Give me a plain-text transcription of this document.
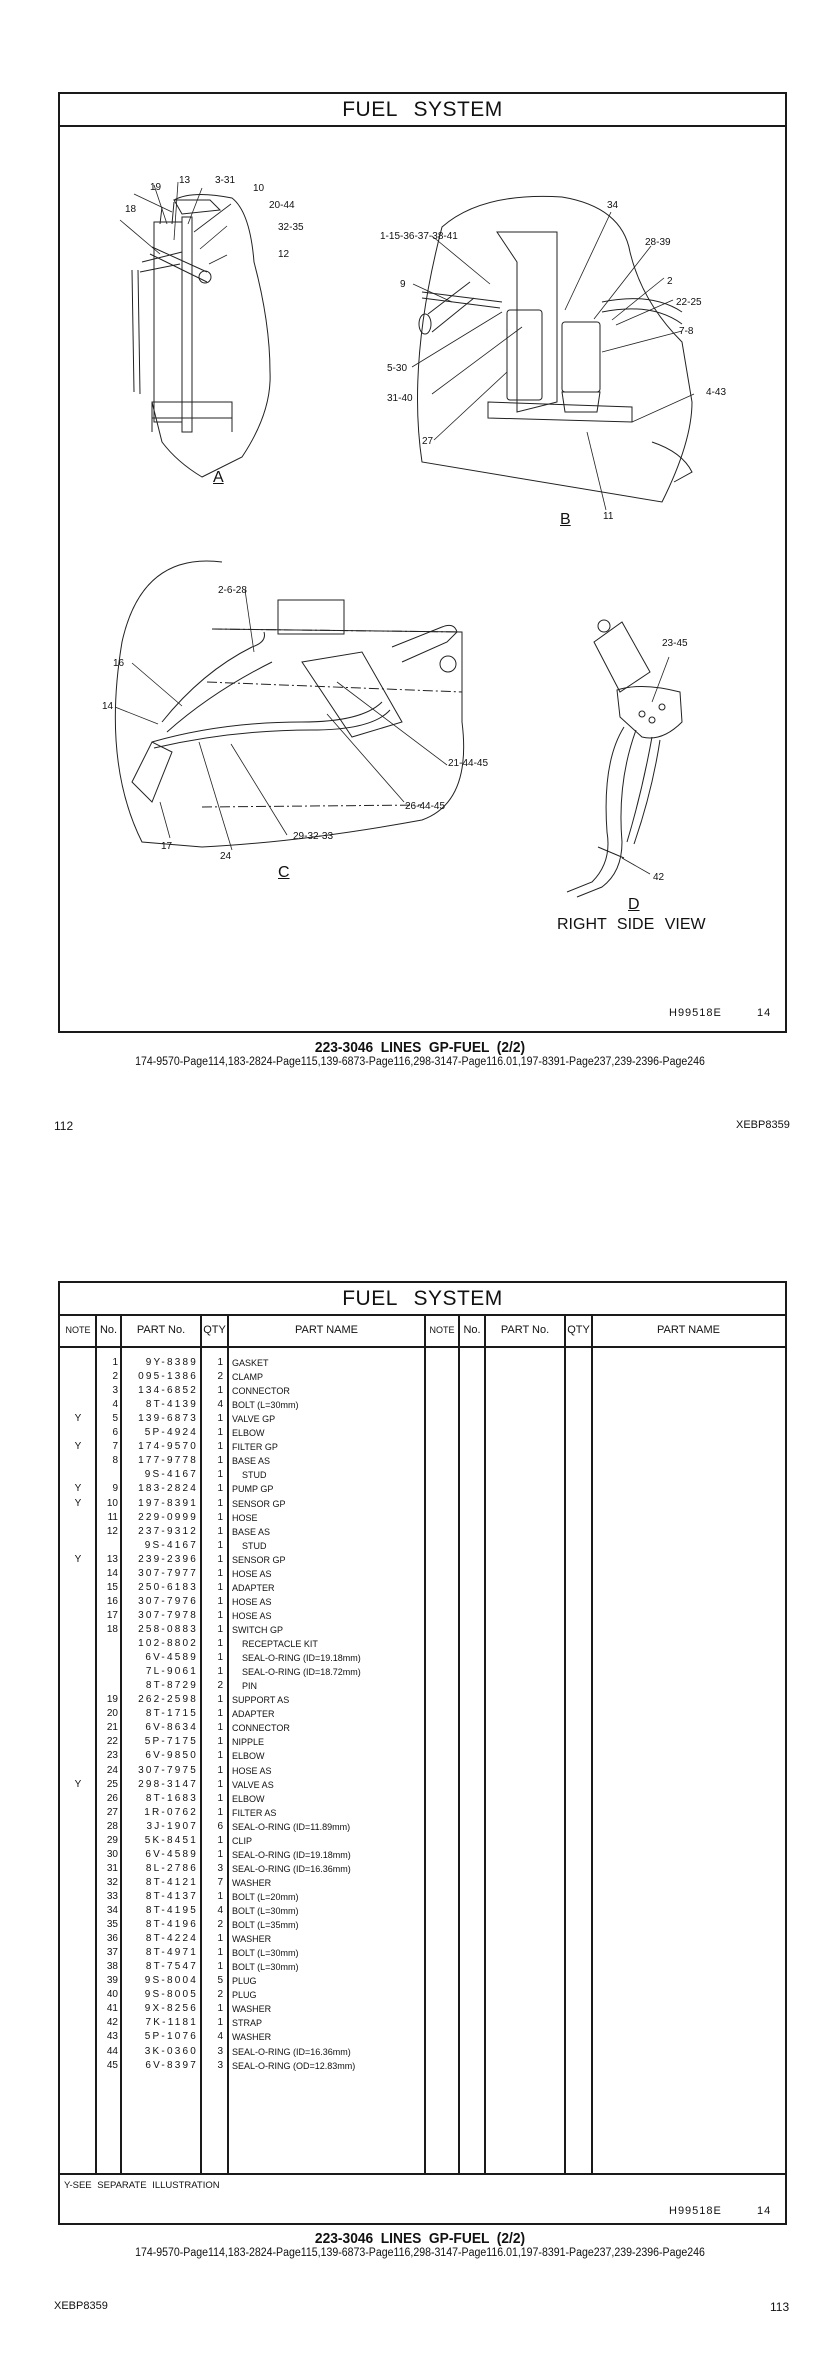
FUEL SYSTEM
19
13 3-31
10
18	20-44
32-35
12
A
1-15-36-37-38-41
34
28-39
9	2
22-25
7-8
5-30
31-40
4-43
27
11
B
2-6-28
16
14
21-44-45
26-44-45
29-32-33
17
24
C
23-45
42
D
RIGHT SIDE VIEW
H99518E	14
223-3046 LINES GP-FUEL (2/2)
174-9570-Page114,183-2824-Page115,139-6873-Page116,298-3147-Page116.01,197-8391-Page237,239-2396-Page246
112	XEBP8359
FUEL SYSTEM
NOTE No.	PART No.	QTY	PART NAME	NOTE No.	PART No.	QTY	PART NAME
1	9Y-8389	1 GASKET
2	095-1386	2 CLAMP
3	134-6852	1 CONNECTOR
4	8T-4139	4 BOLT (L=30mm)
Y	5	139-6873	1 VALVE GP
6	5P-4924	1 ELBOW
Y	7	174-9570	1 FILTER GP
8	177-9778	1 BASE AS
9S-4167	1 STUD
Y	9	183-2824	1 PUMP GP
Y	10	197-8391	1 SENSOR GP
11	229-0999	1 HOSE
12	237-9312	1 BASE AS
9S-4167	1 STUD
Y	13	239-2396	1 SENSOR GP
14	307-7977	1 HOSE AS
15	250-6183	1 ADAPTER
16	307-7976	1 HOSE AS
17	307-7978	1 HOSE AS
18	258-0883	1 SWITCH GP
102-8802	1 RECEPTACLE KIT
6V-4589	1 SEAL-O-RING (ID=19.18mm)
7L-9061	1 SEAL-O-RING (ID=18.72mm)
8T-8729	2 PIN
19	262-2598	1 SUPPORT AS
20	8T-1715	1 ADAPTER
21	6V-8634	1 CONNECTOR
22	5P-7175	1 NIPPLE
23	6V-9850	1 ELBOW
24	307-7975	1 HOSE AS
Y	25	298-3147	1 VALVE AS
26	8T-1683	1 ELBOW
27	1R-0762	1 FILTER AS
28	3J-1907	6 SEAL-O-RING (ID=11.89mm)
29	5K-8451	1 CLIP
30	6V-4589	1 SEAL-O-RING (ID=19.18mm)
31	8L-2786	3 SEAL-O-RING (ID=16.36mm)
32	8T-4121	7 WASHER
33	8T-4137	1 BOLT (L=20mm)
34	8T-4195	4 BOLT (L=30mm)
35	8T-4196	2 BOLT (L=35mm)
36	8T-4224	1 WASHER
37	8T-4971	1 BOLT (L=30mm)
38	8T-7547	1 BOLT (L=30mm)
39	9S-8004	5 PLUG
40	9S-8005	2 PLUG
41	9X-8256	1 WASHER
42	7K-1181	1 STRAP
43	5P-1076	4 WASHER
44	3K-0360	3 SEAL-O-RING (ID=16.36mm)
45	6V-8397	3 SEAL-O-RING (OD=12.83mm)
Y-SEE SEPARATE ILLUSTRATION
H99518E	14
223-3046 LINES GP-FUEL (2/2)
174-9570-Page114,183-2824-Page115,139-6873-Page116,298-3147-Page116.01,197-8391-Page237,239-2396-Page246
XEBP8359	113
